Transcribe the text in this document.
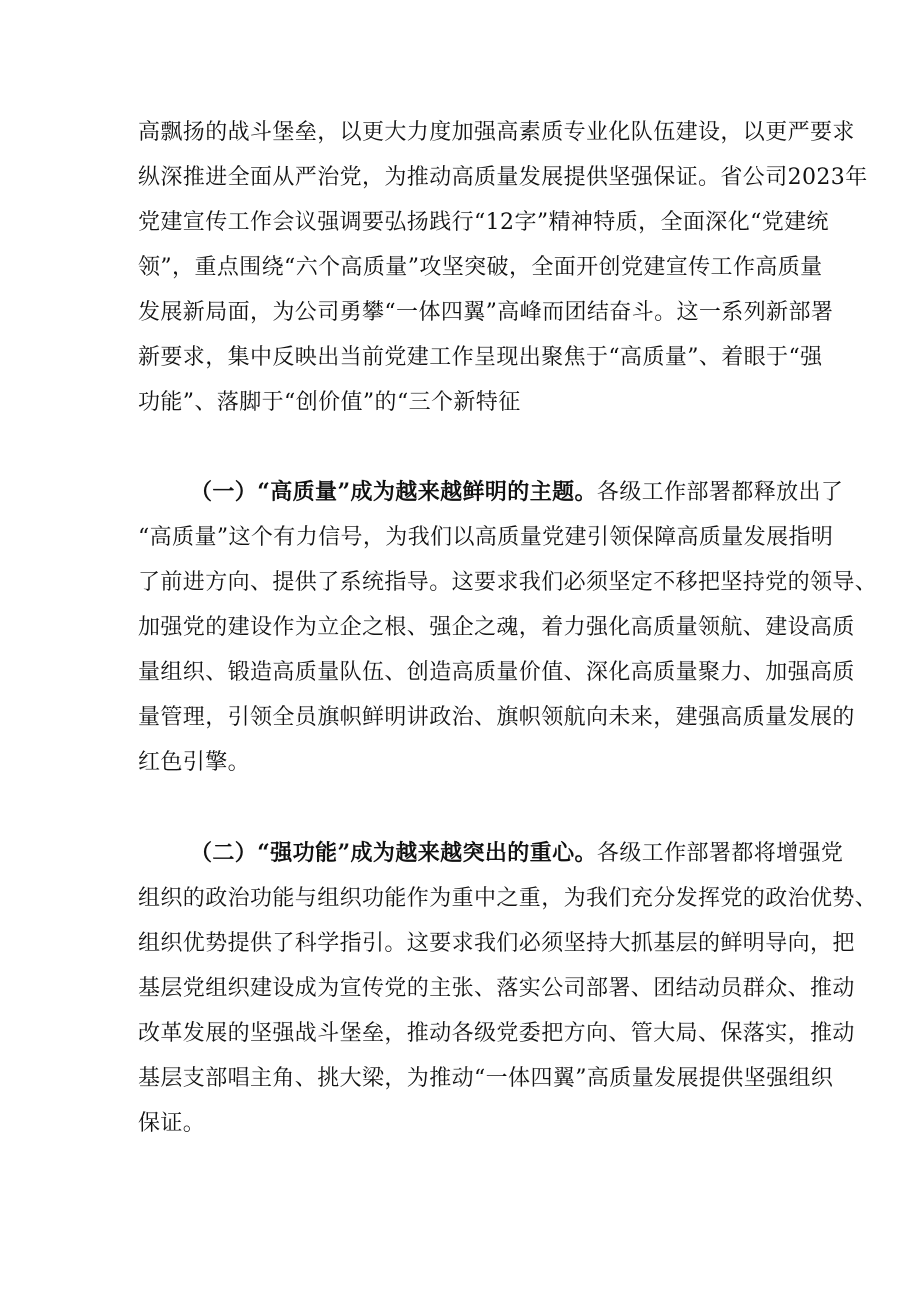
高飘扬的战斗堡垒，以更大力度加强高素质专业化队伍建设，以更严要求
纵深推进全面从严治党，为推动高质量发展提供坚强保证。省公司2023年
党建宣传工作会议强调要弘扬践行“12字”精神特质，全面深化“党建统
领”，重点围绕“六个高质量”攻坚突破，全面开创党建宣传工作高质量
发展新局面，为公司勇攀“一体四翼”高峰而团结奋斗。这一系列新部署
新要求，集中反映出当前党建工作呈现出聚焦于“高质量”、着眼于“强
功能”、落脚于“创价值”的“三个新特征
（一）“高质量”成为越来越鲜明的主题。各级工作部署都释放出了
“高质量”这个有力信号，为我们以高质量党建引领保障高质量发展指明
了前进方向、提供了系统指导。这要求我们必须坚定不移把坚持党的领导、
加强党的建设作为立企之根、强企之魂，着力强化高质量领航、建设高质
量组织、锻造高质量队伍、创造高质量价值、深化高质量聚力、加强高质
量管理，引领全员旗帜鲜明讲政治、旗帜领航向未来，建强高质量发展的
红色引擎。
（二）“强功能”成为越来越突出的重心。各级工作部署都将增强党
组织的政治功能与组织功能作为重中之重，为我们充分发挥党的政治优势、
组织优势提供了科学指引。这要求我们必须坚持大抓基层的鲜明导向，把
基层党组织建设成为宣传党的主张、落实公司部署、团结动员群众、推动
改革发展的坚强战斗堡垒，推动各级党委把方向、管大局、保落实，推动
基层支部唱主角、挑大梁，为推动“一体四翼”高质量发展提供坚强组织
保证。
